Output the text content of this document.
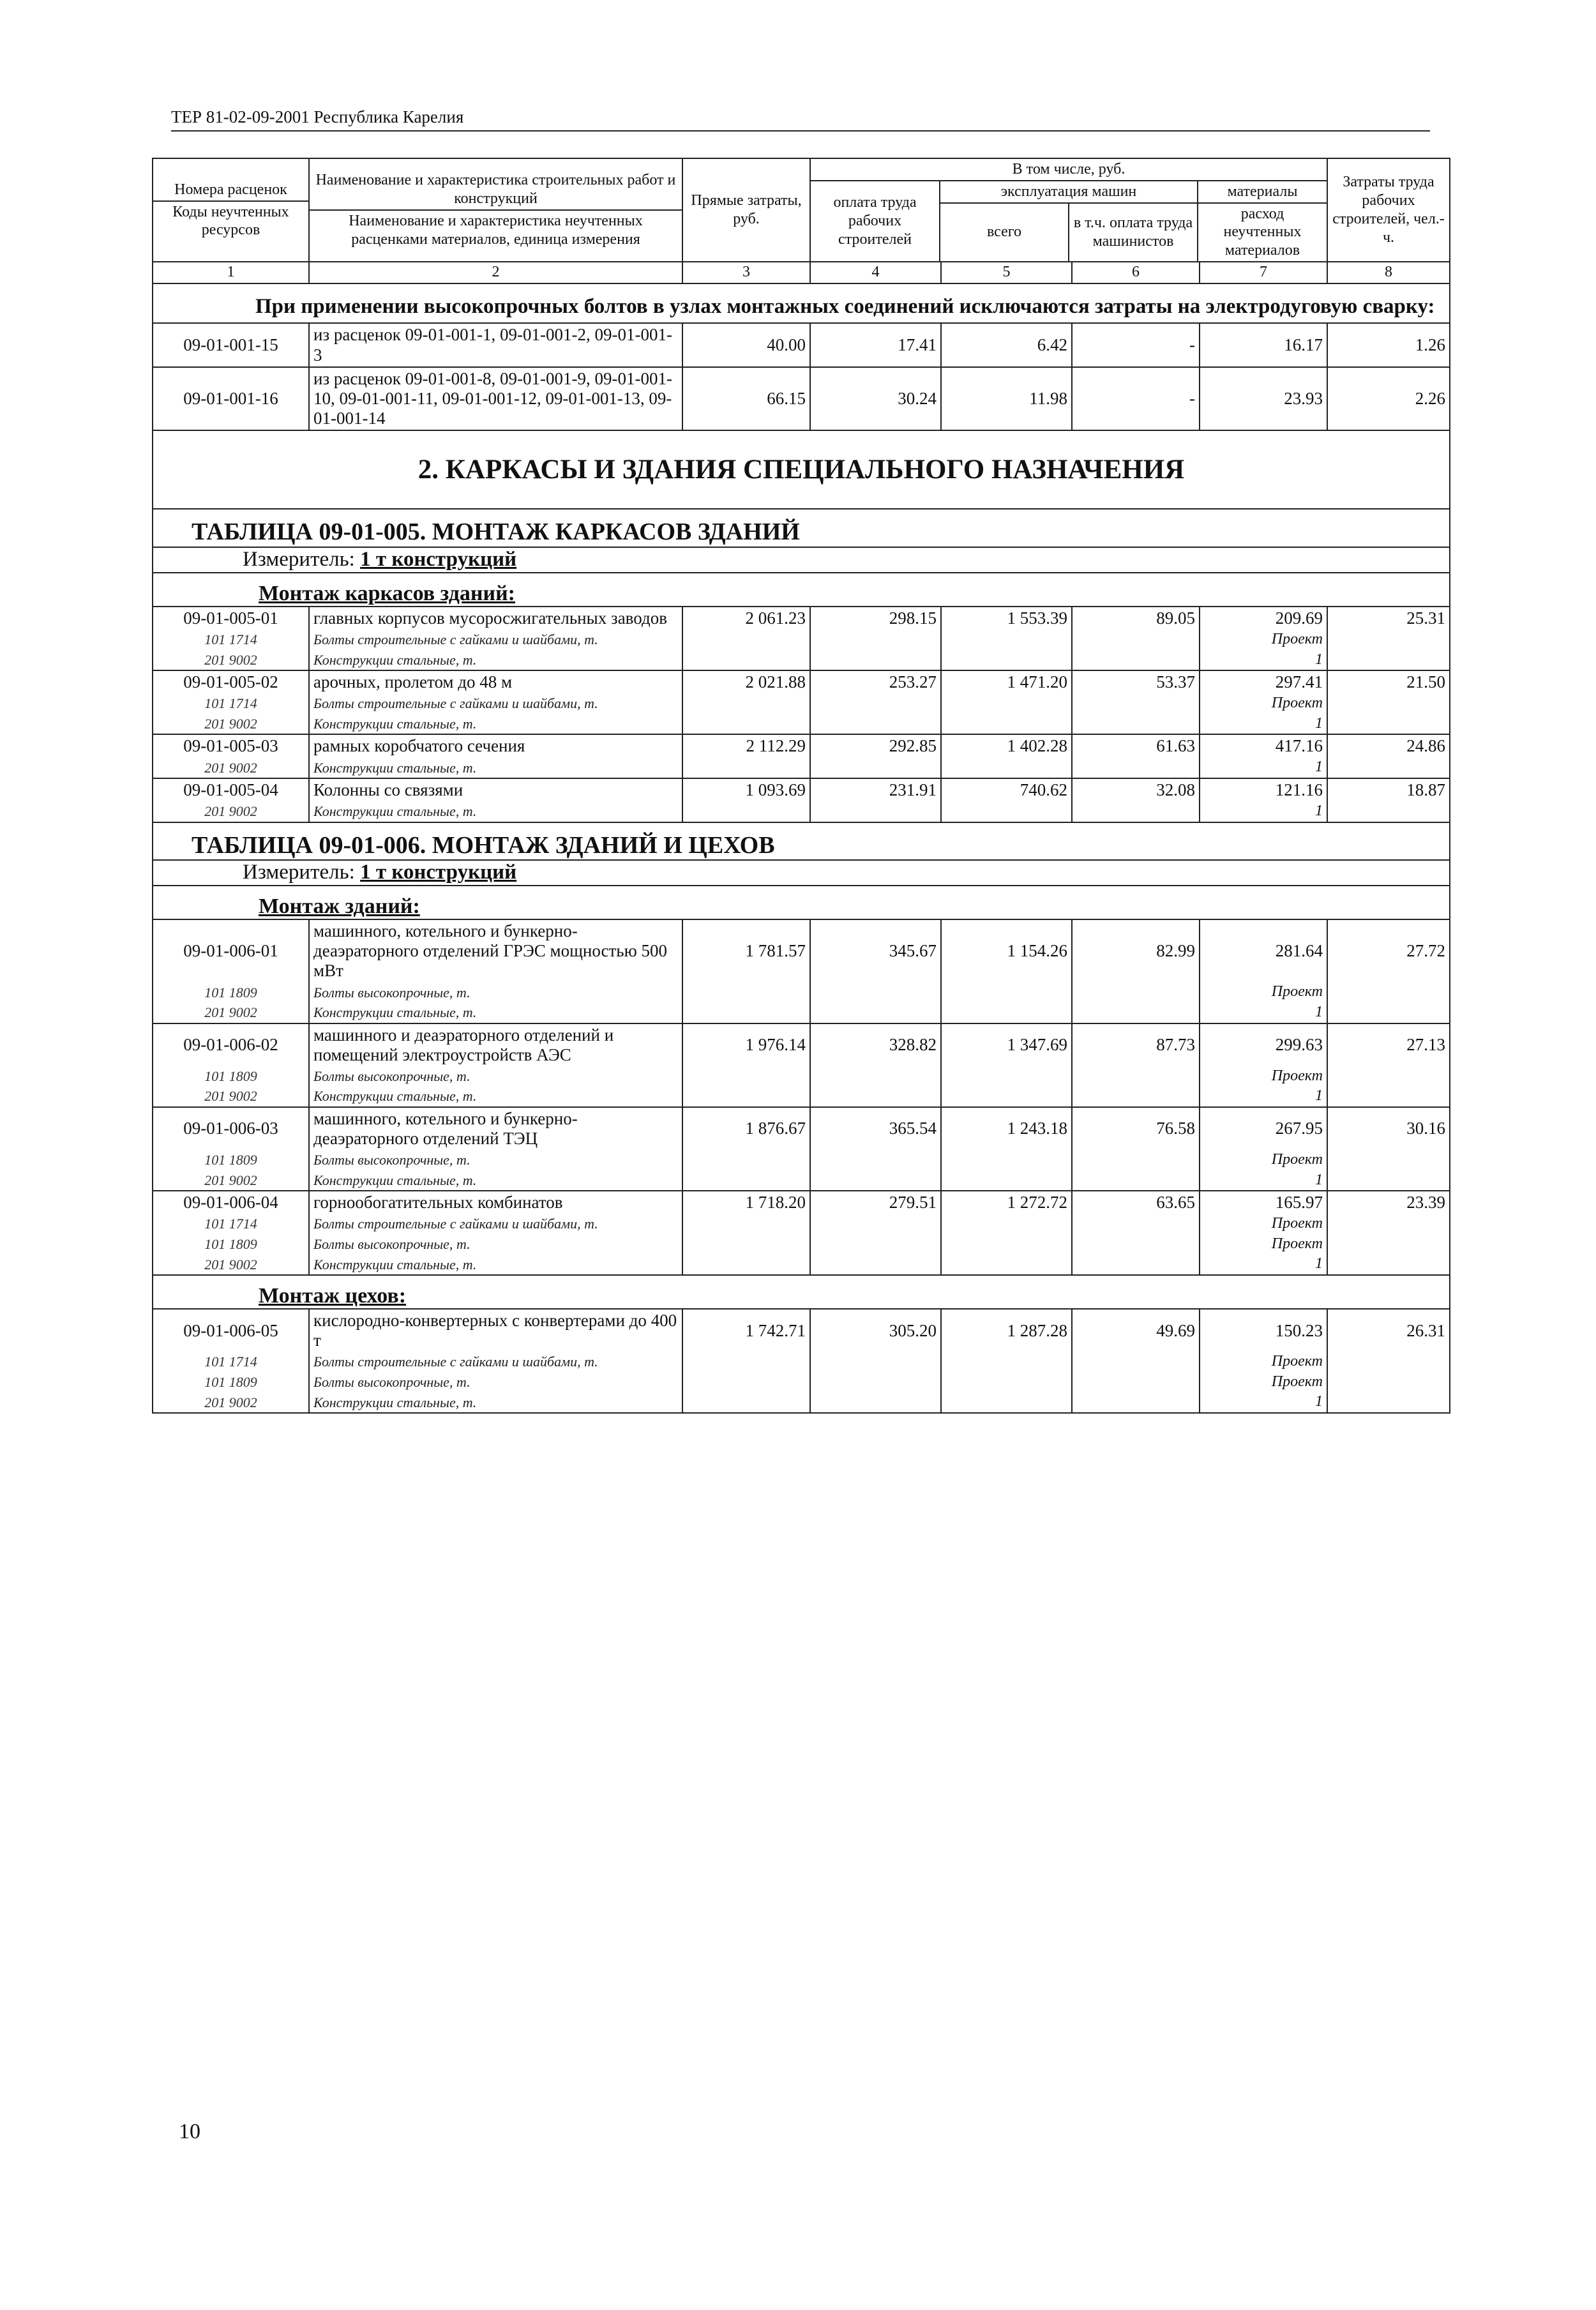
ТЕР 81-02-09-2001 Республика Карелия
Номера расценок
Коды неучтенных ресурсов

Наименование и характеристика строительных работ и конструкций
Наименование и характеристика неучтенных расценками материалов, единица измерения
	Прямые затраты, руб.	
В том числе, руб.
оплата труда рабочих строителей	эксплуатация машин	материалы
всего	в т.ч. оплата труда машинистов	расход неучтенных материалов
	Затраты труда рабочих строителей, чел.-ч.
1	2	3	4	5	6	7	8
При применении высокопрочных болтов в узлах монтажных соединений исключаются затраты на электродуговую сварку:
09-01-001-15	из расценок 09-01-001-1, 09-01-001-2, 09-01-001-3	40.00	17.41	6.42	-	16.17	1.26
09-01-001-16	из расценок 09-01-001-8, 09-01-001-9, 09-01-001-10, 09-01-001-11, 09-01-001-12, 09-01-001-13, 09-01-001-14	66.15	30.24	11.98	-	23.93	2.26
2. КАРКАСЫ И ЗДАНИЯ СПЕЦИАЛЬНОГО НАЗНАЧЕНИЯ
ТАБЛИЦА 09-01-005. МОНТАЖ КАРКАСОВ ЗДАНИЙ
Измеритель: 1 т конструкций
Монтаж каркасов зданий:
09-01-005-01	главных корпусов мусоросжигательных заводов	2 061.23	298.15	1 553.39	89.05	209.69	25.31
101 1714	Болты строительные с гайками и шайбами, т.					Проект	
201 9002	Конструкции стальные, т.					1	
09-01-005-02	арочных, пролетом до 48 м	2 021.88	253.27	1 471.20	53.37	297.41	21.50
101 1714	Болты строительные с гайками и шайбами, т.					Проект	
201 9002	Конструкции стальные, т.					1	
09-01-005-03	рамных коробчатого сечения	2 112.29	292.85	1 402.28	61.63	417.16	24.86
201 9002	Конструкции стальные, т.					1	
09-01-005-04	Колонны со связями	1 093.69	231.91	740.62	32.08	121.16	18.87
201 9002	Конструкции стальные, т.					1	
ТАБЛИЦА 09-01-006. МОНТАЖ ЗДАНИЙ И ЦЕХОВ
Измеритель: 1 т конструкций
Монтаж зданий:
09-01-006-01	машинного, котельного и бункерно-деаэраторного отделений ГРЭС мощностью 500 мВт	1 781.57	345.67	1 154.26	82.99	281.64	27.72
101 1809	Болты высокопрочные, т.					Проект	
201 9002	Конструкции стальные, т.					1	
09-01-006-02	машинного и деаэраторного отделений и помещений электроустройств АЭС	1 976.14	328.82	1 347.69	87.73	299.63	27.13
101 1809	Болты высокопрочные, т.					Проект	
201 9002	Конструкции стальные, т.					1	
09-01-006-03	машинного, котельного и бункерно-деаэраторного отделений ТЭЦ	1 876.67	365.54	1 243.18	76.58	267.95	30.16
101 1809	Болты высокопрочные, т.					Проект	
201 9002	Конструкции стальные, т.					1	
09-01-006-04	горнообогатительных комбинатов	1 718.20	279.51	1 272.72	63.65	165.97	23.39
101 1714	Болты строительные с гайками и шайбами, т.					Проект	
101 1809	Болты высокопрочные, т.					Проект	
201 9002	Конструкции стальные, т.					1	
Монтаж цехов:
09-01-006-05	кислородно-конвертерных с конвертерами до 400 т	1 742.71	305.20	1 287.28	49.69	150.23	26.31
101 1714	Болты строительные с гайками и шайбами, т.					Проект	
101 1809	Болты высокопрочные, т.					Проект	
201 9002	Конструкции стальные, т.					1	
10
